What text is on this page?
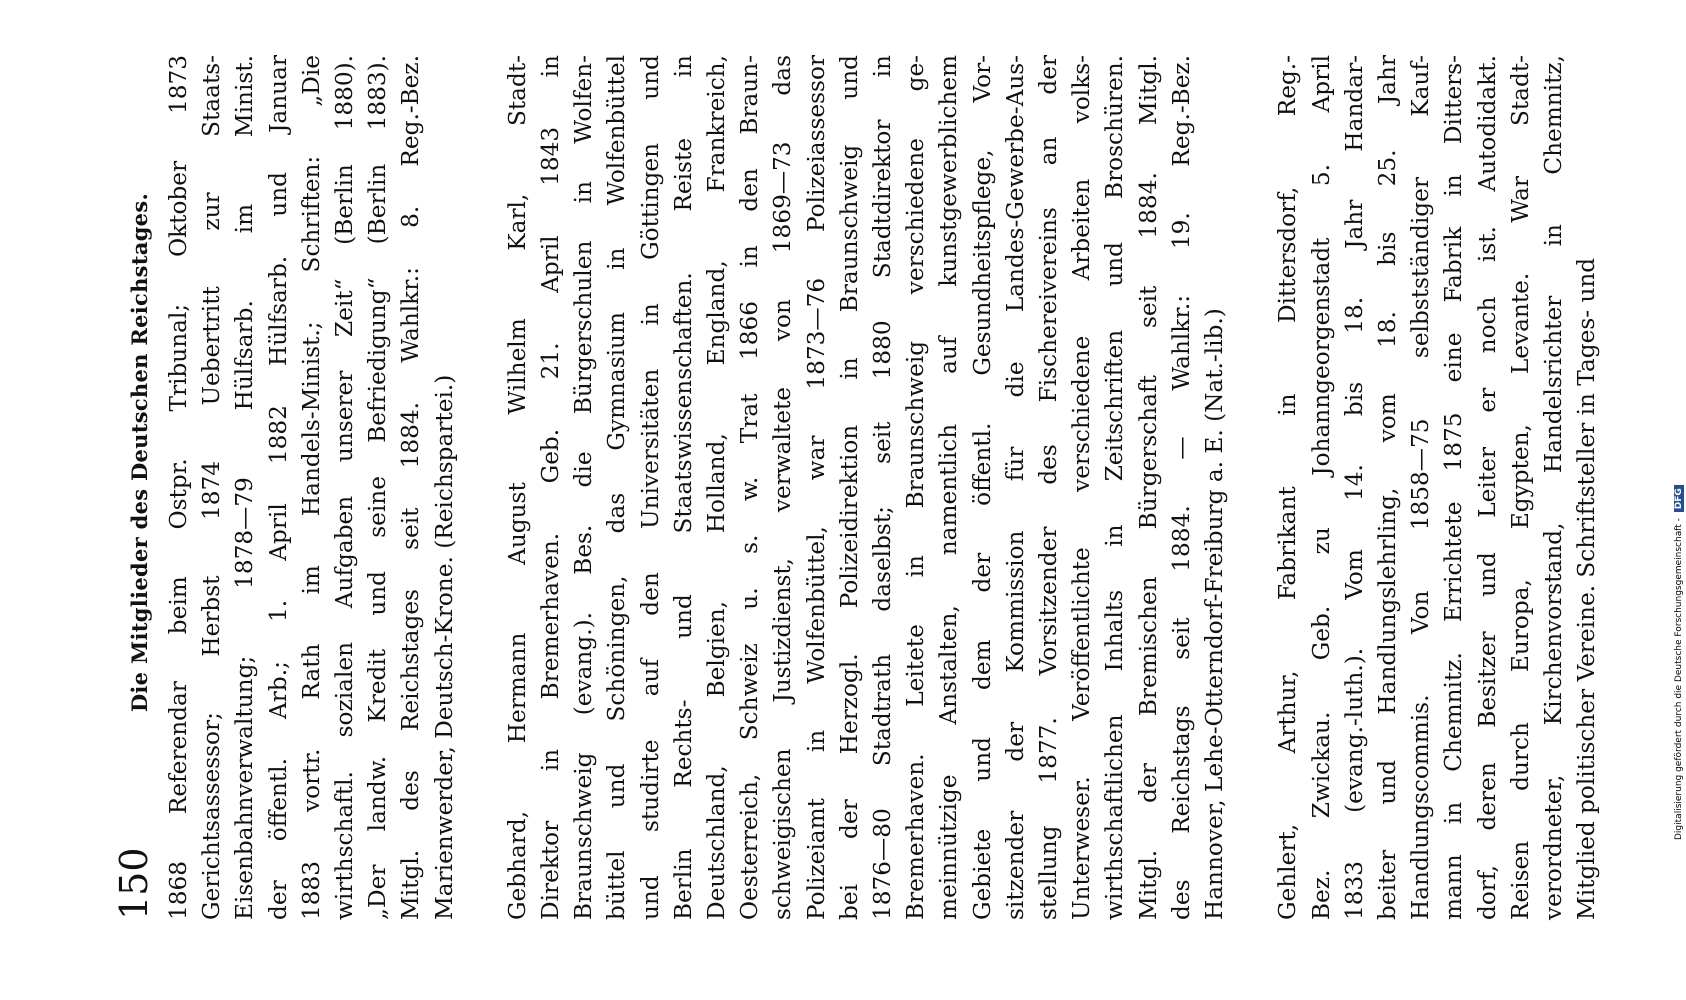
150
Die Mitglieder des Deutschen Reichstages. 1868 Referendar beim Ostpr. Tribunal; Oktober 1873 Gerichtsassessor; Herbst 1874 Uebertritt zur Staats- Eisenbahnverwaltung; 1878—79 Hülfsarb. im Minist. der öffentl. Arb.; 1. April 1882 Hülfsarb. und Januar 1883 vortr. Rath im Handels-Minist.; Schriften: „Die wirthschaftl. sozialen Aufgaben unserer Zeit“ (Berlin 1880). „Der landw. Kredit und seine Befriedigung“ (Berlin 1883). Mitgl. des Reichstages seit 1884. Wahlkr.: 8. Reg.-Bez. Marienwerder, Deutsch-Krone. (Reichspartei.) Gebhard, Hermann August Wilhelm Karl, Stadt- Direktor in Bremerhaven. Geb. 21. April 1843 in Braunschweig (evang.). Bes. die Bürgerschulen in Wolfen- büttel und Schöningen, das Gymnasium in Wolfenbüttel und studirte auf den Universitäten in Göttingen und Berlin Rechts- und Staatswissenschaften. Reiste in Deutschland, Belgien, Holland, England, Frankreich, Oesterreich, Schweiz u. s. w. Trat 1866 in den Braun- schweigischen Justizdienst, verwaltete von 1869—73 das Polizeiamt in Wolfenbüttel, war 1873—76 Polizeiassessor bei der Herzogl. Polizeidirektion in Braunschweig und 1876—80 Stadtrath daselbst; seit 1880 Stadtdirektor in Bremerhaven. Leitete in Braunschweig verschiedene ge- meinnützige Anstalten, namentlich auf kunstgewerblichem Gebiete und dem der öffentl. Gesundheitspflege, Vor- sitzender der Kommission für die Landes-Gewerbe-Aus- stellung 1877. Vorsitzender des Fischereivereins an der Unterweser. Veröffentlichte verschiedene Arbeiten volks- wirthschaftlichen Inhalts in Zeitschriften und Broschüren. Mitgl. der Bremischen Bürgerschaft seit 1884. Mitgl. des Reichstags seit 1884. — Wahlkr.: 19. Reg.-Bez. Hannover, Lehe-Otterndorf-Freiburg a. E. (Nat.-lib.) Gehlert, Arthur, Fabrikant in Dittersdorf, Reg.- Bez. Zwickau. Geb. zu Johanngeorgenstadt 5. April 1833 (evang.-luth.). Vom 14. bis 18. Jahr Handar- beiter und Handlungslehrling, vom 18. bis 25. Jahr Handlungscommis. Von 1858—75 selbstständiger Kauf- mann in Chemnitz. Errichtete 1875 eine Fabrik in Ditters- dorf, deren Besitzer und Leiter er noch ist. Autodidakt. Reisen durch Europa, Egypten, Levante. War Stadt- verordneter, Kirchenvorstand, Handelsrichter in Chemnitz, Mitglied politischer Vereine. Schriftsteller in Tages- und	Digitalisierung gefördert durch die Deutsche Forschungsgemeinschaft - DFG
